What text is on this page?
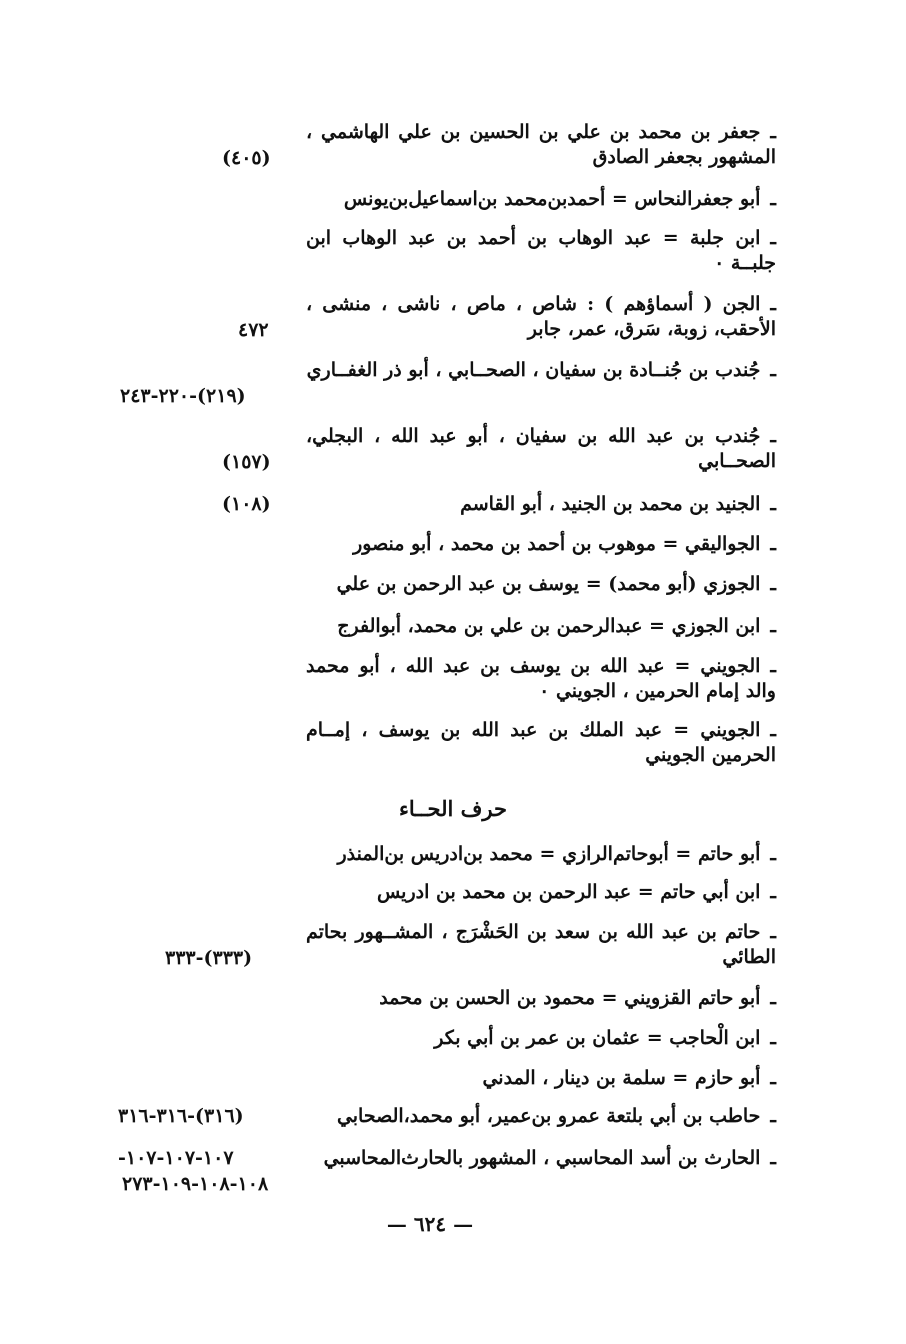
ـجعفر بن محمد بن علي بن الحسين بن علي الهاشمي ، المشهور بجعفر الصادق
(٤٠٥)
ـأبو جعفرالنحاس = أحمدبن‌محمد بن‌اسماعيل‌بن‌يونس
ـابن جلبة = عبد الوهاب بن أحمد بن عبد الوهاب ابن جلبــة ٠
ـالجن ( أسماؤهم ) : شاص ، ماص ، ناشى ، منشى ، الأحقب، زوبة، سَرق، عمر، جابر
٤٧٢
ـجُندب بن جُنــادة بن سفيان ، الصحــابي ، أبو ذر الغفــاري
(٢١٩)-٢٢٠-٢٤٣
ـجُندب بن عبد الله بن سفيان ، أبو عبد الله ، البجلي، الصحــابي
(١٥٧)
ـالجنيد بن محمد بن الجنيد ، أبو القاسم
(١٠٨)
ـالجواليقي = موهوب بن أحمد بن محمد ، أبو منصور
ـالجوزي (أبو محمد) = يوسف بن عبد الرحمن بن علي
ـابن الجوزي = عبدالرحمن بن علي بن محمد، أبوالفرج
ـالجويني = عبد الله بن يوسف بن عبد الله ، أبو محمد والد إمام الحرمين ، الجويني ٠
ـالجويني = عبد الملك بن عبد الله بن يوسف ، إمــام الحرمين الجويني
حرف الحــاء
ـأبو حاتم = أبوحاتم‌الرازي = محمد بن‌ادريس بن‌المنذر
ـابن أبي حاتم = عبد الرحمن بن محمد بن ادريس
ـحاتم بن عبد الله بن سعد بن الحَشْرَج ، المشــهور بحاتم الطائي
(٣٣٣)-٣٣٣
ـأبو حاتم القزويني = محمود بن الحسن بن محمد
ـابن الْحاجب = عثمان بن عمر بن أبي بكر
ـأبو حازم = سلمة بن دينار ، المدني
ـحاطب بن أبي بلتعة عمرو بن‌عمير، أبو محمد،الصحابي
(٣١٦)-٣١٦-٣١٦
ـالحارث بن أسد المحاسبي ، المشهور بالحارث‌المحاسبي
١٠٧-١٠٧-١٠٧-
١٠٨-١٠٨-١٠٩-٢٧٣
— ٦٢٤ —
